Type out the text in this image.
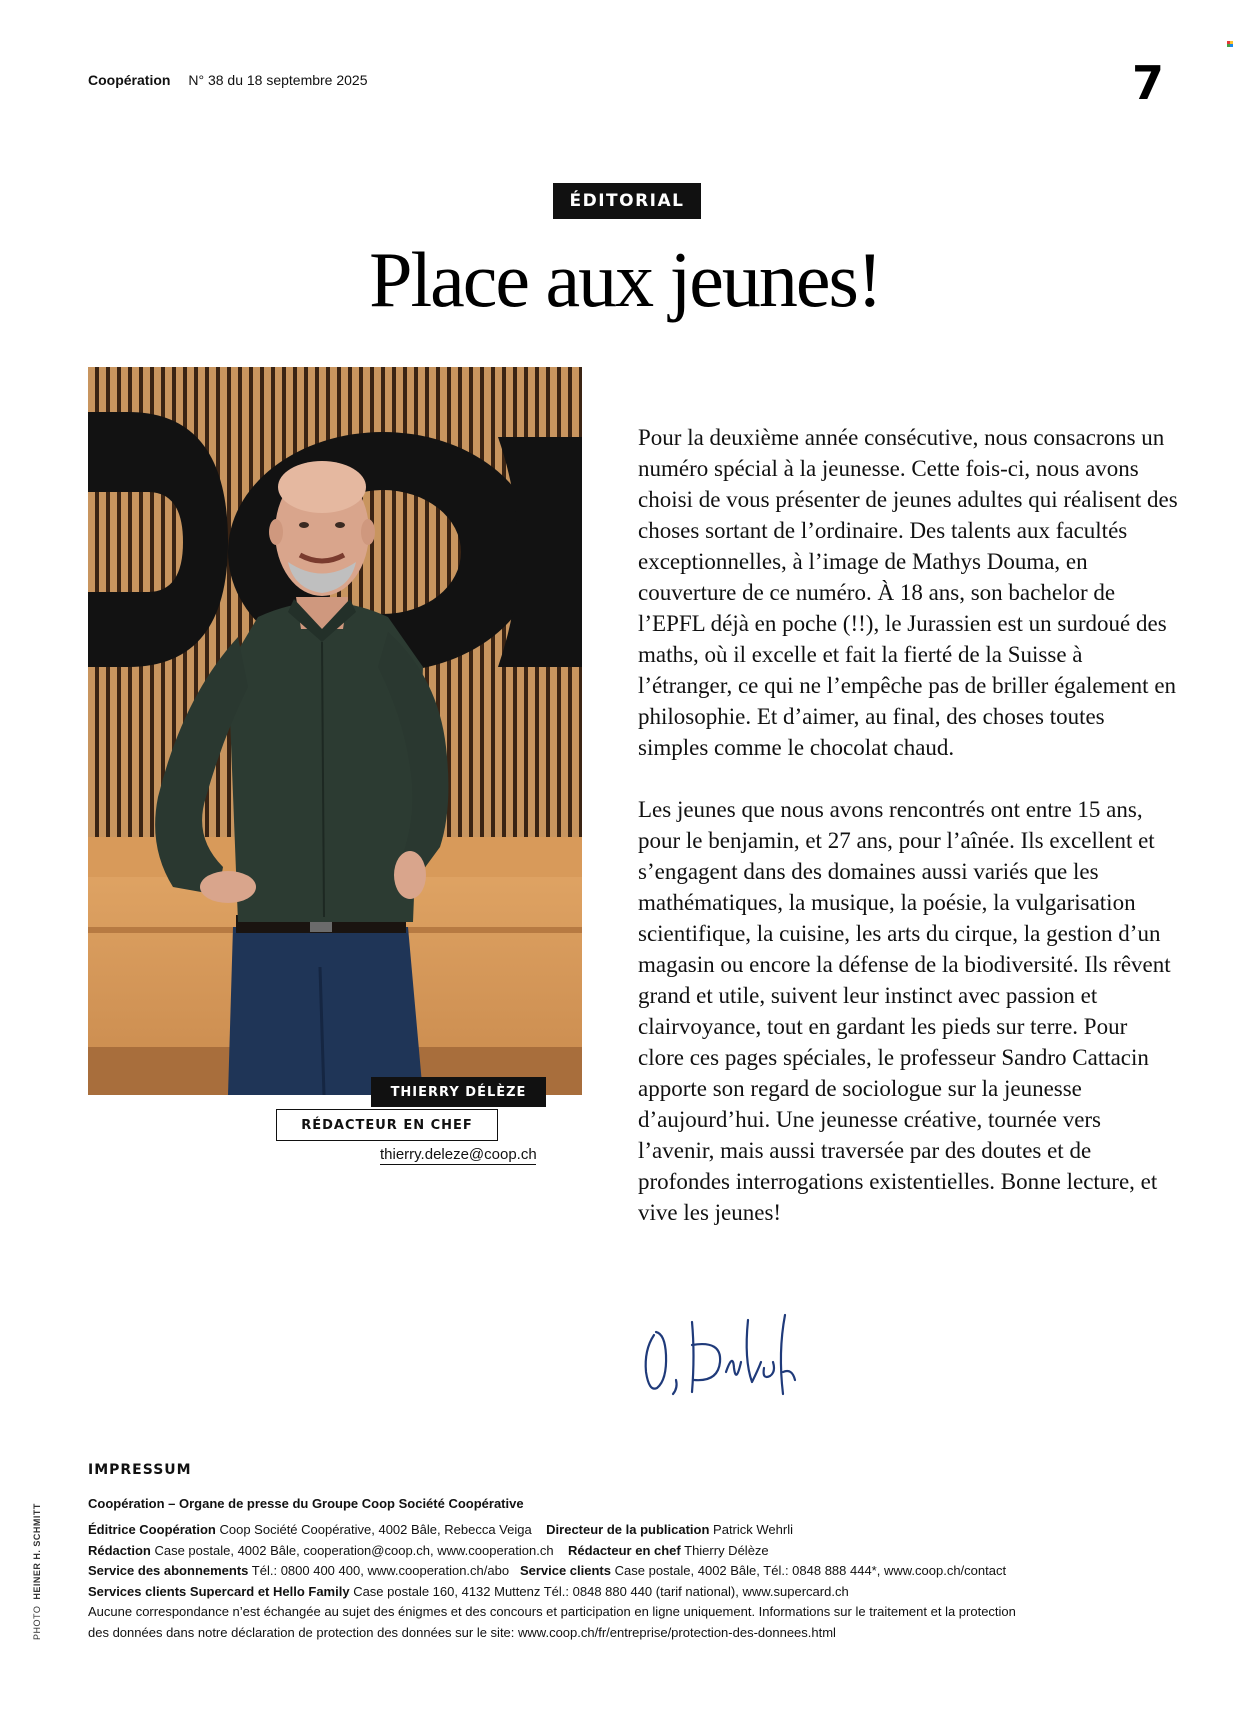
Coopération N° 38 du 18 septembre 2025	7
ÉDITORIAL
Place aux jeunes!
THIERRY DÉLÈZE
RÉDACTEUR EN CHEF
thierry.deleze@coop.ch

Pour la deuxième année consécutive, nous consacrons un numéro spécial à la jeunesse. Cette fois-ci, nous avons choisi de vous présenter de jeunes adultes qui réalisent des choses sortant de l’ordinaire. Des talents aux facultés exceptionnelles, à l’image de Mathys Douma, en couverture de ce numéro. À 18 ans, son bachelor de l’EPFL déjà en poche (!!), le Jurassien est un surdoué des maths, où il excelle et fait la fierté de la Suisse à l’étranger, ce qui ne l’empêche pas de briller également en philosophie. Et d’aimer, au final, des choses toutes simples comme le chocolat chaud.

Les jeunes que nous avons rencontrés ont entre 15 ans, pour le benjamin, et 27 ans, pour l’aînée. Ils excellent et s’engagent dans des domaines aussi variés que les mathématiques, la musique, la poésie, la vulgarisation scientifique, la cuisine, les arts du cirque, la gestion d’un magasin ou encore la défense de la biodiversité. Ils rêvent grand et utile, suivent leur instinct avec passion et clairvoyance, tout en gardant les pieds sur terre. Pour clore ces pages spéciales, le professeur Sandro Cattacin apporte son regard de sociologue sur la jeunesse d’aujourd’hui. Une jeunesse créative, tournée vers l’avenir, mais aussi traversée par des doutes et de profondes interrogations existentielles. Bonne lecture, et vive les jeunes!

IMPRESSUM
Coopération – Organe de presse du Groupe Coop Société Coopérative
Éditrice Coopération Coop Société Coopérative, 4002 Bâle, Rebecca Veiga Directeur de la publication Patrick Wehrli
Rédaction Case postale, 4002 Bâle, cooperation@coop.ch, www.cooperation.ch Rédacteur en chef Thierry Délèze
Service des abonnements Tél.: 0800 400 400, www.cooperation.ch/abo Service clients Case postale, 4002 Bâle, Tél.: 0848 888 444*, www.coop.ch/contact
Services clients Supercard et Hello Family Case postale 160, 4132 Muttenz Tél.: 0848 880 440 (tarif national), www.supercard.ch
Aucune correspondance n’est échangée au sujet des énigmes et des concours et participation en ligne uniquement. Informations sur le traitement et la protection
des données dans notre déclaration de protection des données sur le site: www.coop.ch/fr/entreprise/protection-des-donnees.html
PHOTO  HEINER H. SCHMITT
